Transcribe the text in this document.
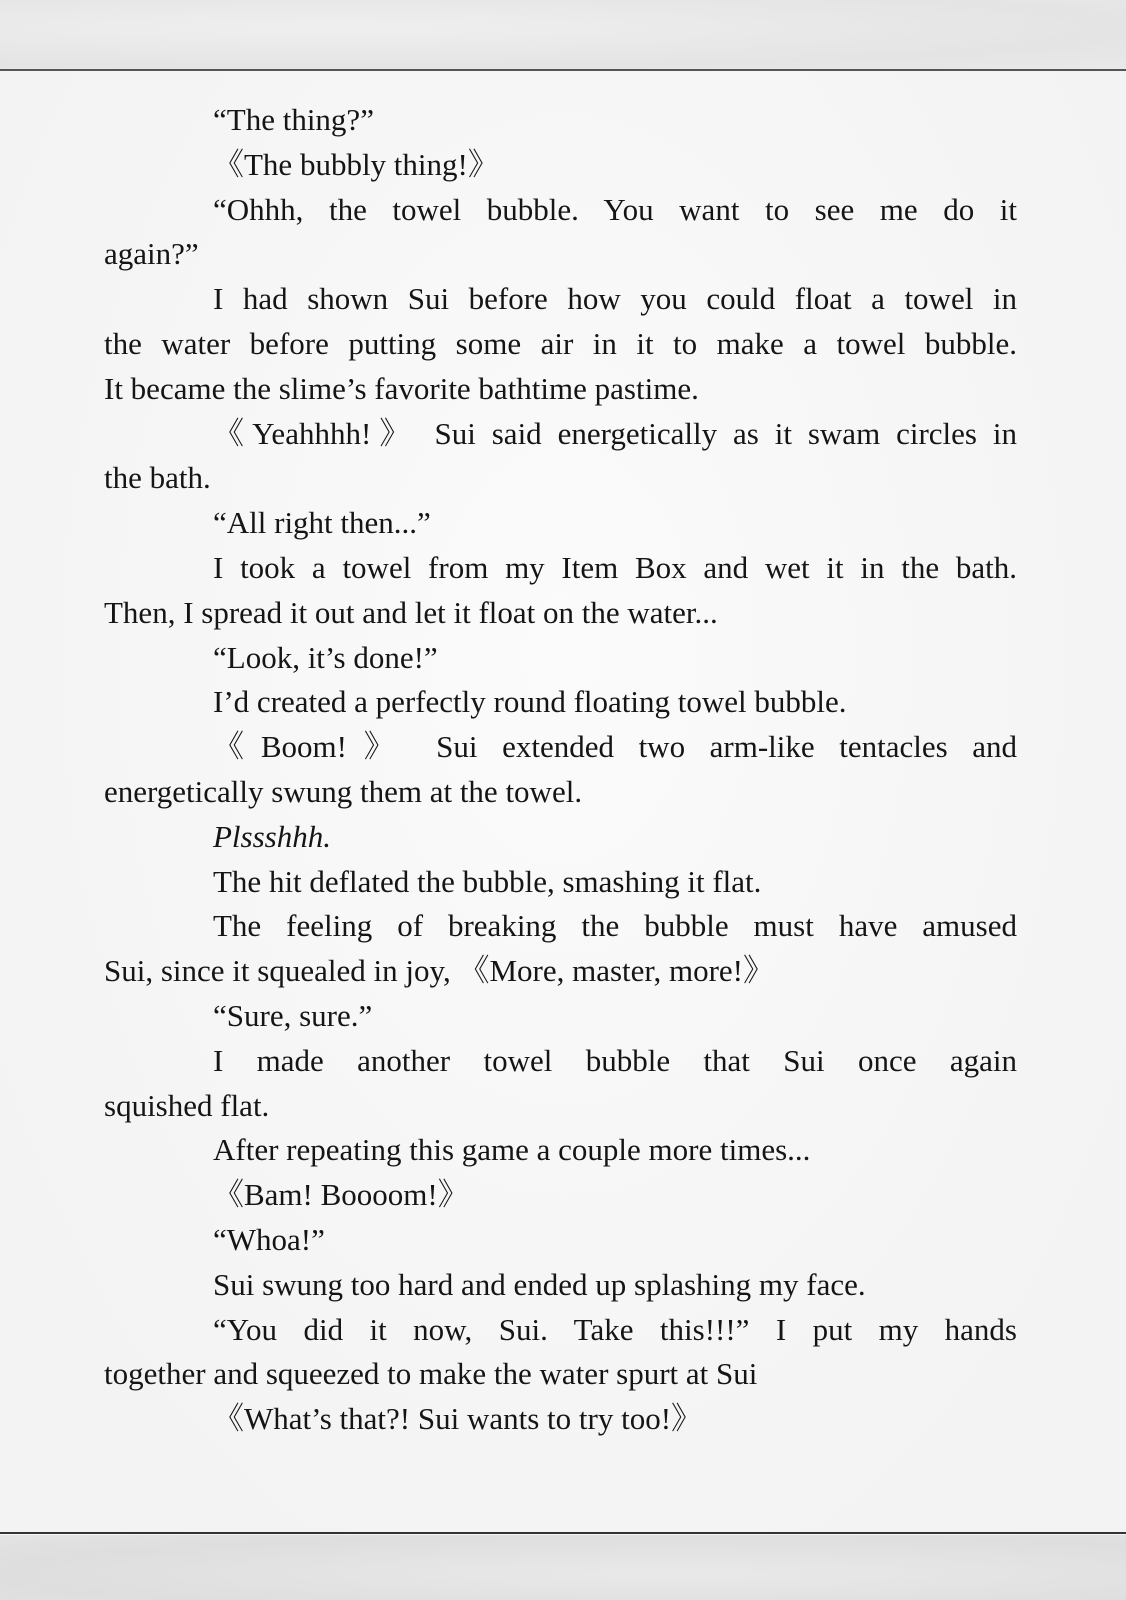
“The thing?”
《The bubbly thing!》
“Ohhh, the towel bubble. You want to see me do it
again?”
I had shown Sui before how you could float a towel in
the water before putting some air in it to make a towel bubble.
It became the slime’s favorite bathtime pastime.
《Yeahhhh!》 Sui said energetically as it swam circles in
the bath.
“All right then...”
I took a towel from my Item Box and wet it in the bath.
Then, I spread it out and let it float on the water...
“Look, it’s done!”
I’d created a perfectly round floating towel bubble.
《Boom!》 Sui extended two arm-like tentacles and
energetically swung them at the towel.
Plssshhh.
The hit deflated the bubble, smashing it flat.
The feeling of breaking the bubble must have amused
Sui, since it squealed in joy, 《More, master, more!》
“Sure, sure.”
I made another towel bubble that Sui once again
squished flat.
After repeating this game a couple more times...
《Bam! Boooom!》
“Whoa!”
Sui swung too hard and ended up splashing my face.
“You did it now, Sui. Take this!!!” I put my hands
together and squeezed to make the water spurt at Sui
《What’s that?! Sui wants to try too!》
